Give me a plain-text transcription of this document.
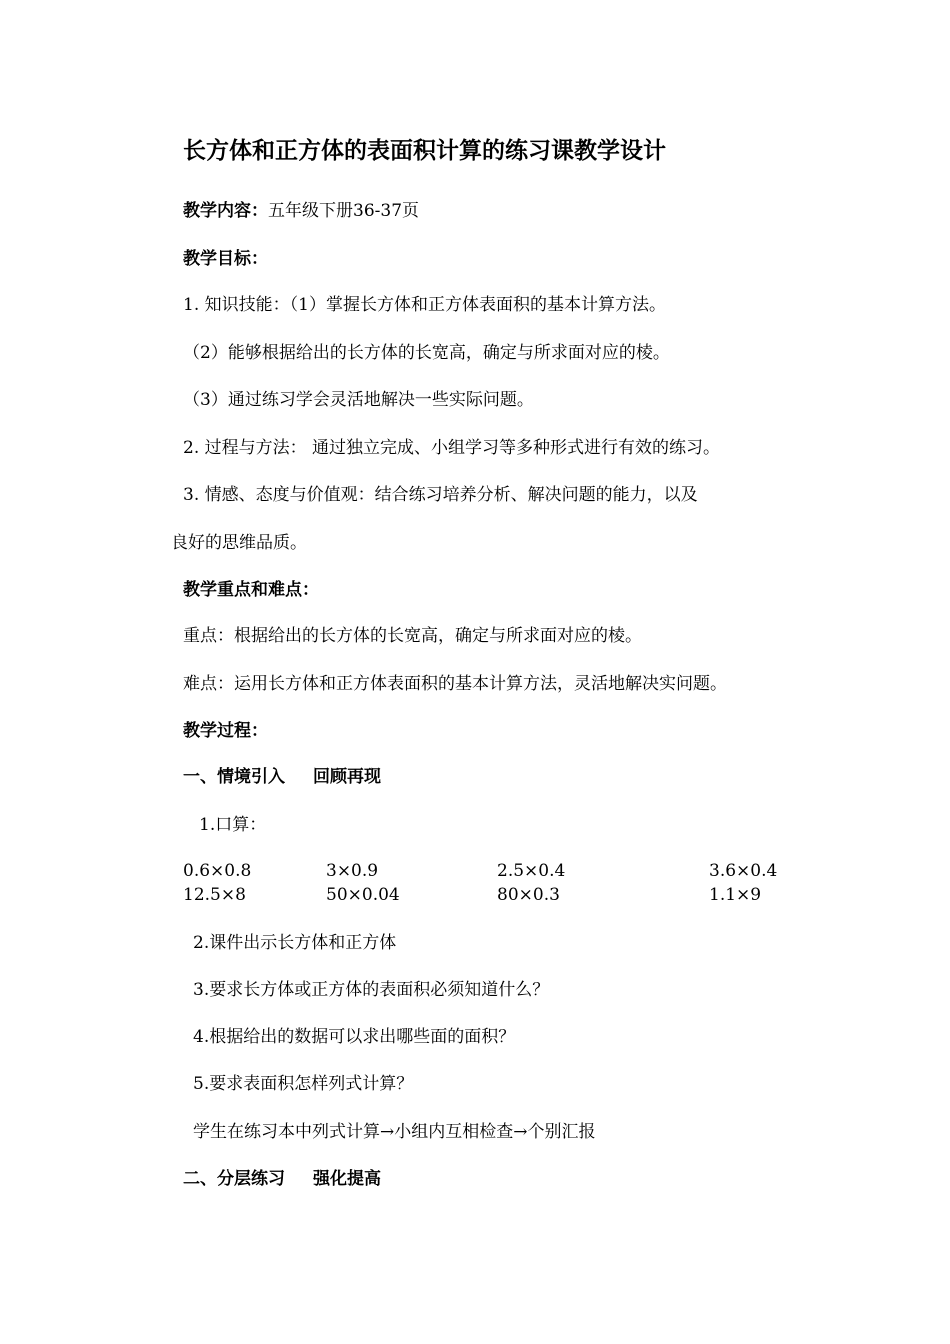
长方体和正方体的表面积计算的练习课教学设计
教学内容：五年级下册36-37页
教学目标：
1. 知识技能：（1）掌握长方体和正方体表面积的基本计算方法。
（2）能够根据给出的长方体的长宽高，确定与所求面对应的棱。
（3）通过练习学会灵活地解决一些实际问题。
2. 过程与方法： 通过独立完成、小组学习等多种形式进行有效的练习。
3. 情感、态度与价值观：结合练习培养分析、解决问题的能力，以及
良好的思维品质。
教学重点和难点：
重点：根据给出的长方体的长宽高，确定与所求面对应的棱。
难点：运用长方体和正方体表面积的基本计算方法，灵活地解决实问题。
教学过程：
一、情境引入 回顾再现
1.口算：
0.6×0.8	3×0.9	2.5×0.4	3.6×0.4
12.5×8	50×0.04	80×0.3	1.1×9
2.课件出示长方体和正方体
3.要求长方体或正方体的表面积必须知道什么？
4.根据给出的数据可以求出哪些面的面积？
5.要求表面积怎样列式计算？
学生在练习本中列式计算→小组内互相检查→个别汇报
二、分层练习 强化提高
